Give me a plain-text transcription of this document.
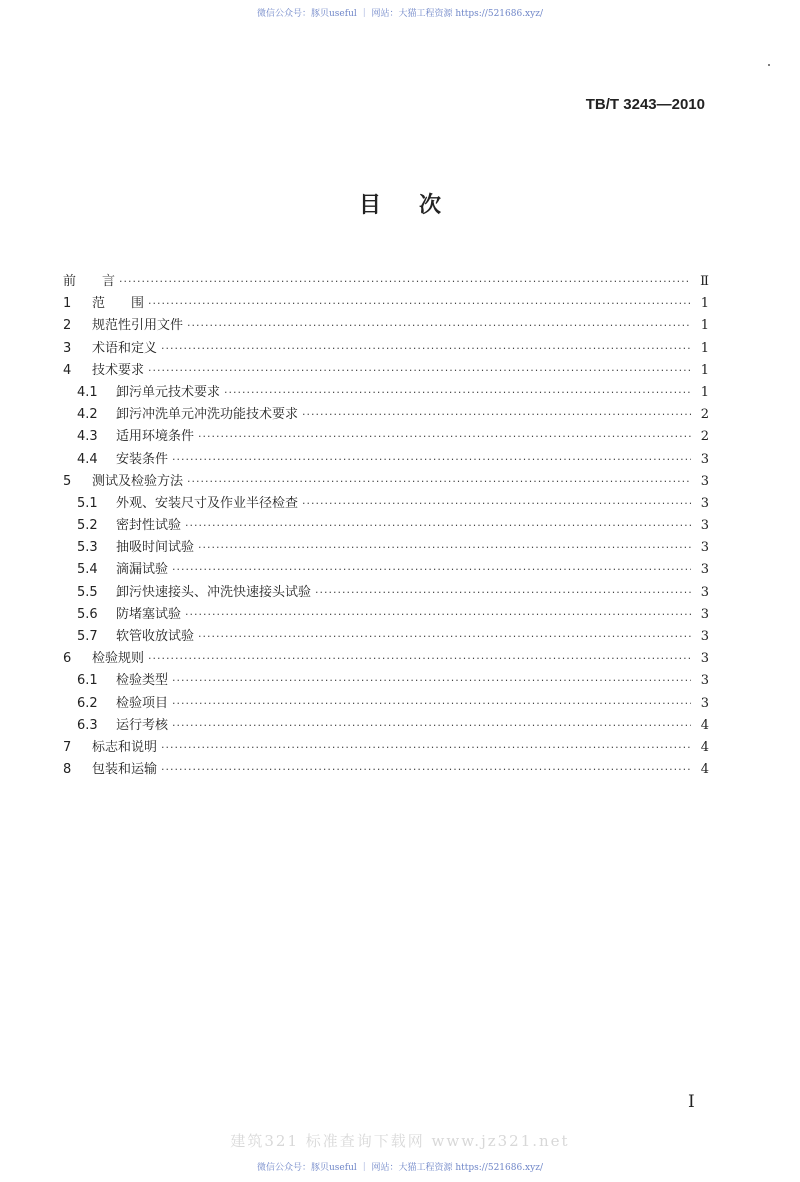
微信公众号：豚贝useful ｜ 网站：大猫工程资源 https://521686.xyz/
TB/T 3243—2010
目次
前　　言 ·····	Ⅱ
1	范　　围 ·····	1
2	规范性引用文件 ·····	1
3	术语和定义 ·····	1
4	技术要求 ·····	1
4.1	卸污单元技术要求 ·····	1
4.2	卸污冲洗单元冲洗功能技术要求 ·····	2
4.3	适用环境条件 ·····	2
4.4	安装条件 ·····	3
5	测试及检验方法 ·····	3
5.1	外观、安装尺寸及作业半径检查 ·····	3
5.2	密封性试验 ·····	3
5.3	抽吸时间试验 ·····	3
5.4	滴漏试验 ·····	3
5.5	卸污快速接头、冲洗快速接头试验 ·····	3
5.6	防堵塞试验 ·····	3
5.7	软管收放试验 ·····	3
6	检验规则 ·····	3
6.1	检验类型 ·····	3
6.2	检验项目 ·····	3
6.3	运行考核 ·····	4
7	标志和说明 ·····	4
8	包装和运输 ·····	4
I
建筑321 标准查询下载网 www.jz321.net
微信公众号：豚贝useful ｜ 网站：大猫工程资源 https://521686.xyz/
